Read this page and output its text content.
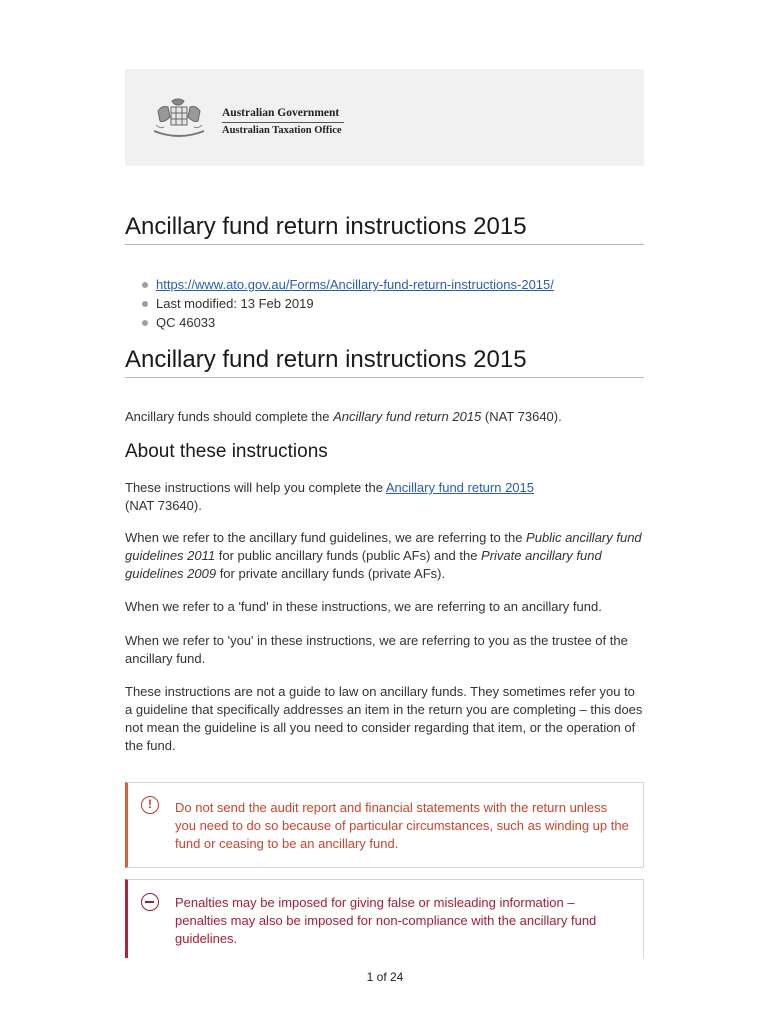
Australian Government
Australian Taxation Office
Ancillary fund return instructions 2015
https://www.ato.gov.au/Forms/Ancillary-fund-return-instructions-2015/
Last modified: 13 Feb 2019
QC 46033
Ancillary fund return instructions 2015

Ancillary funds should complete the Ancillary fund return 2015 (NAT 73640).

About these instructions

These instructions will help you complete the Ancillary fund return 2015
(NAT 73640).

When we refer to the ancillary fund guidelines, we are referring to the Public ancillary fund guidelines 2011 for public ancillary funds (public AFs) and the Private ancillary fund guidelines 2009 for private ancillary funds (private AFs).

When we refer to a 'fund' in these instructions, we are referring to an ancillary fund.

When we refer to 'you' in these instructions, we are referring to you as the trustee of the ancillary fund.

These instructions are not a guide to law on ancillary funds. They sometimes refer you to a guideline that specifically addresses an item in the return you are completing – this does not mean the guideline is all you need to consider regarding that item, or the operation of the fund.

!	Do not send the audit report and financial statements with the return unless you need to do so because of particular circumstances, such as winding up the fund or ceasing to be an ancillary fund.

Penalties may be imposed for giving false or misleading information – penalties may also be imposed for non-compliance with the ancillary fund guidelines.

1 of 24
